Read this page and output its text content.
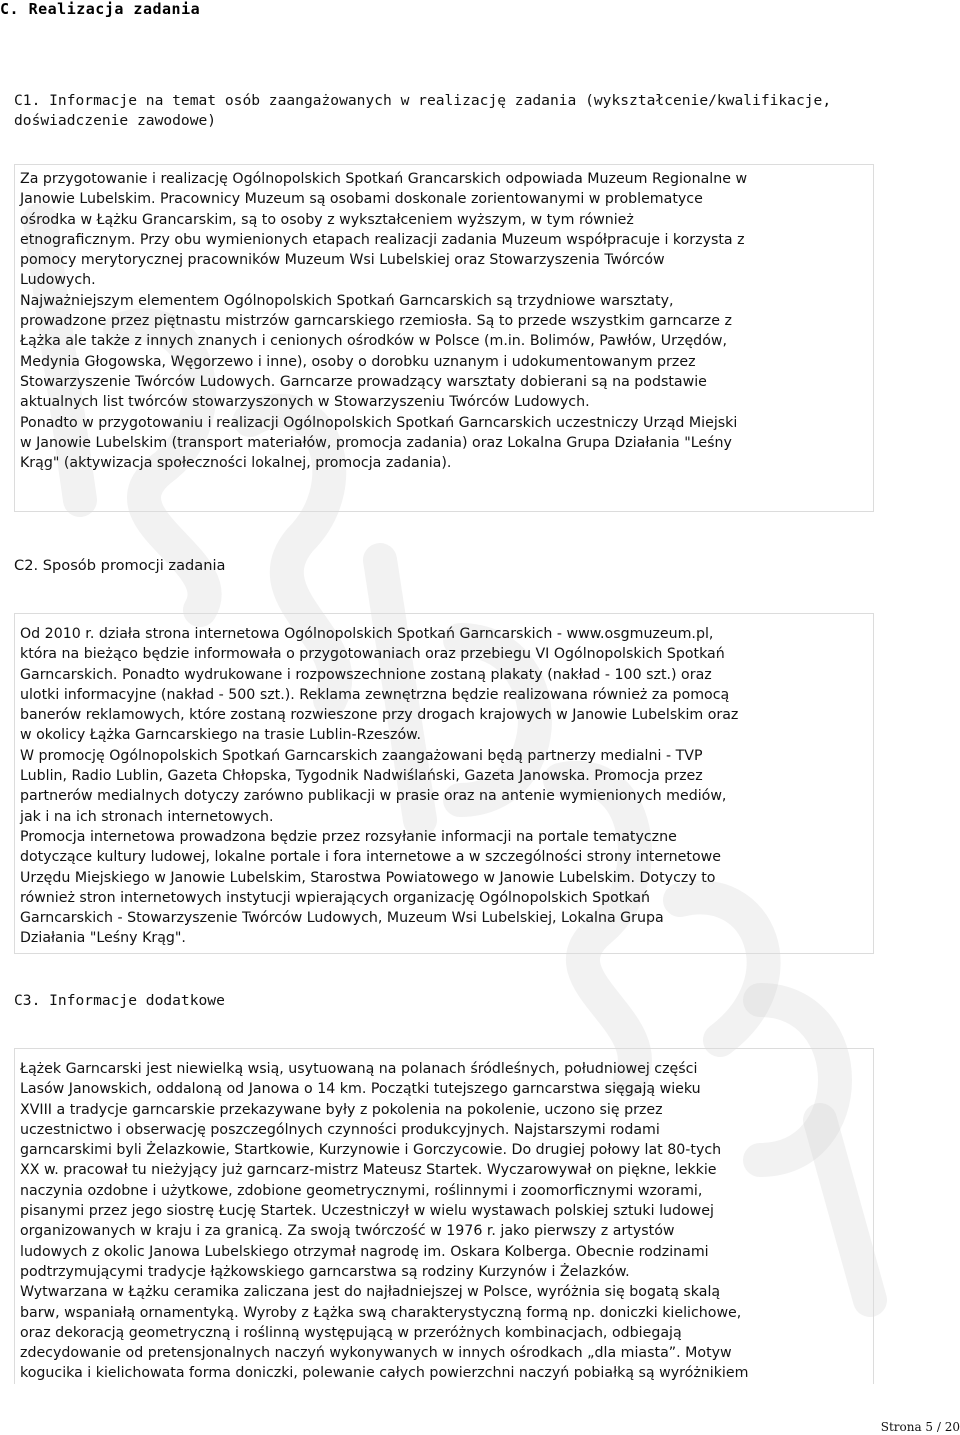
C. Realizacja zadania
C1. Informacje na temat osób zaangażowanych w realizację zadania (wykształcenie/kwalifikacje,
doświadczenie zawodowe)

Za przygotowanie i realizację Ogólnopolskich Spotkań Grancarskich odpowiada Muzeum Regionalne w

Janowie Lubelskim. Pracownicy Muzeum są osobami doskonale zorientowanymi w problematyce

ośrodka w Łążku Grancarskim, są to osoby z wykształceniem wyższym, w tym również

etnograficznym. Przy obu wymienionych etapach realizacji zadania Muzeum współpracuje i korzysta z

pomocy merytorycznej pracowników Muzeum Wsi Lubelskiej oraz Stowarzyszenia Twórców

Ludowych.

Najważniejszym elementem Ogólnopolskich Spotkań Garncarskich są trzydniowe warsztaty,

prowadzone przez piętnastu mistrzów garncarskiego rzemiosła. Są to przede wszystkim garncarze z

Łążka ale także z innych znanych i cenionych ośrodków w Polsce (m.in. Bolimów, Pawłów, Urzędów,

Medynia Głogowska, Węgorzewo i inne), osoby o dorobku uznanym i udokumentowanym przez

Stowarzyszenie Twórców Ludowych. Garncarze prowadzący warsztaty dobierani są na podstawie

aktualnych list twórców stowarzyszonych w Stowarzyszeniu Twórców Ludowych.

Ponadto w przygotowaniu i realizacji Ogólnopolskich Spotkań Garncarskich uczestniczy Urząd Miejski

w Janowie Lubelskim (transport materiałów, promocja zadania) oraz Lokalna Grupa Działania "Leśny

Krąg" (aktywizacja społeczności lokalnej, promocja zadania).

C2. Sposób promocji zadania

Od 2010 r. działa strona internetowa Ogólnopolskich Spotkań Garncarskich - www.osgmuzeum.pl,

która na bieżąco będzie informowała o przygotowaniach oraz przebiegu VI Ogólnopolskich Spotkań

Garncarskich. Ponadto wydrukowane i rozpowszechnione zostaną plakaty (nakład - 100 szt.) oraz

ulotki informacyjne (nakład - 500 szt.). Reklama zewnętrzna będzie realizowana również za pomocą

banerów reklamowych, które zostaną rozwieszone przy drogach krajowych w Janowie Lubelskim oraz

w okolicy Łążka Garncarskiego na trasie Lublin-Rzeszów.

W promocję Ogólnopolskich Spotkań Garncarskich zaangażowani będą partnerzy medialni - TVP

Lublin, Radio Lublin, Gazeta Chłopska, Tygodnik Nadwiślański, Gazeta Janowska. Promocja przez

partnerów medialnych dotyczy zarówno publikacji w prasie oraz na antenie wymienionych mediów,

jak i na ich stronach internetowych.

Promocja internetowa prowadzona będzie przez rozsyłanie informacji na portale tematyczne

dotyczące kultury ludowej, lokalne portale i fora internetowe a w szczególności strony internetowe

Urzędu Miejskiego w Janowie Lubelskim, Starostwa Powiatowego w Janowie Lubelskim. Dotyczy to

również stron internetowych instytucji wpierających organizację Ogólnopolskich Spotkań

Garncarskich - Stowarzyszenie Twórców Ludowych, Muzeum Wsi Lubelskiej, Lokalna Grupa

Działania "Leśny Krąg".

C3. Informacje dodatkowe

Łążek Garncarski jest niewielką wsią, usytuowaną na polanach śródleśnych, południowej części

Lasów Janowskich, oddaloną od Janowa o 14 km. Początki tutejszego garncarstwa sięgają wieku

XVIII a tradycje garncarskie przekazywane były z pokolenia na pokolenie, uczono się przez

uczestnictwo i obserwację poszczególnych czynności produkcyjnych. Najstarszymi rodami

garncarskimi byli Żelazkowie, Startkowie, Kurzynowie i Gorczycowie. Do drugiej połowy lat 80-tych

XX w. pracował tu nieżyjący już garncarz-mistrz Mateusz Startek. Wyczarowywał on piękne, lekkie

naczynia ozdobne i użytkowe, zdobione geometrycznymi, roślinnymi i zoomorficznymi wzorami,

pisanymi przez jego siostrę Łucję Startek. Uczestniczył w wielu wystawach polskiej sztuki ludowej

organizowanych w kraju i za granicą. Za swoją twórczość w 1976 r. jako pierwszy z artystów

ludowych z okolic Janowa Lubelskiego otrzymał nagrodę im. Oskara Kolberga. Obecnie rodzinami

podtrzymującymi tradycje łążkowskiego garncarstwa są rodziny Kurzynów i Żelazków.

Wytwarzana w Łążku ceramika zaliczana jest do najładniejszej w Polsce, wyróżnia się bogatą skalą

barw, wspaniałą ornamentyką. Wyroby z Łążka swą charakterystyczną formą np. doniczki kielichowe,

oraz dekoracją geometryczną i roślinną występującą w przeróżnych kombinacjach, odbiegają

zdecydowanie od pretensjonalnych naczyń wykonywanych w innych ośrodkach „dla miasta”. Motyw

kogucika i kielichowata forma doniczki, polewanie całych powierzchni naczyń pobiałką są wyróżnikiem

Strona 5 / 20
